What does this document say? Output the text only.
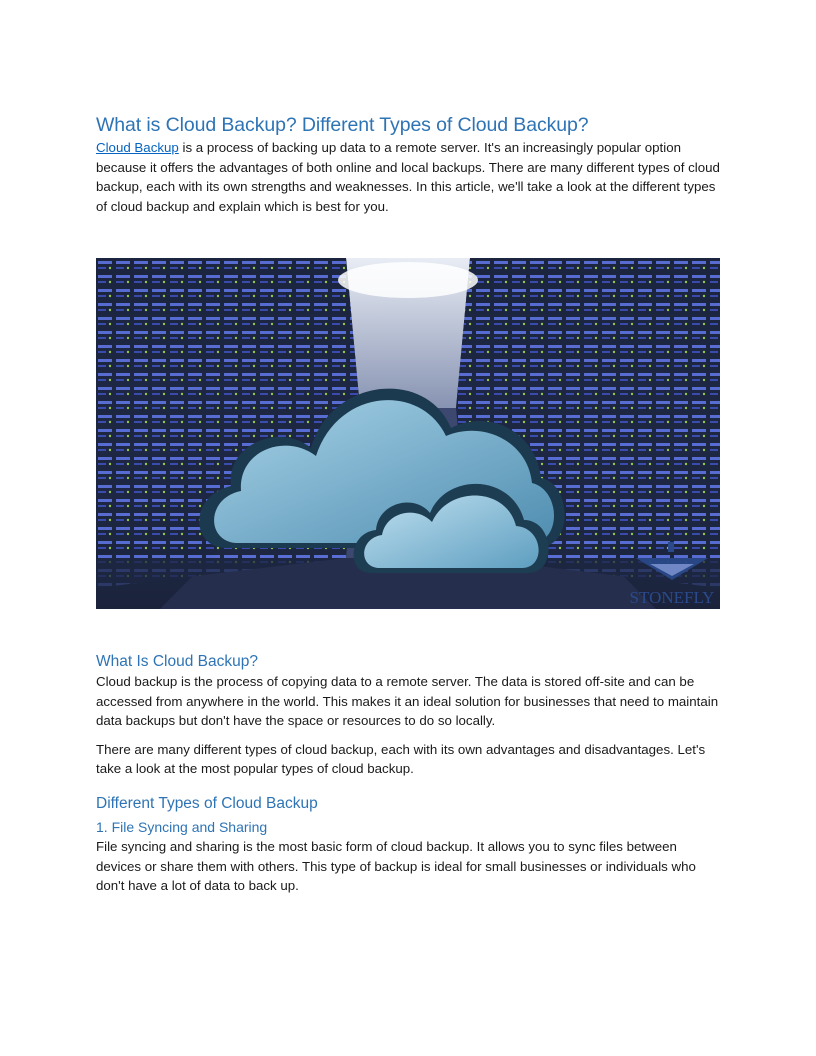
What is Cloud Backup? Different Types of Cloud Backup?

Cloud Backup is a process of backing up data to a remote server. It's an increasingly popular option because it offers the advantages of both online and local backups. There are many different types of cloud backup, each with its own strengths and weaknesses. In this article, we'll take a look at the different types of cloud backup and explain which is best for you.

STONEFLY
What Is Cloud Backup?

Cloud backup is the process of copying data to a remote server. The data is stored off-site and can be accessed from anywhere in the world. This makes it an ideal solution for businesses that need to maintain data backups but don't have the space or resources to do so locally.

There are many different types of cloud backup, each with its own advantages and disadvantages. Let's take a look at the most popular types of cloud backup.

Different Types of Cloud Backup
1. File Syncing and Sharing

File syncing and sharing is the most basic form of cloud backup. It allows you to sync files between devices or share them with others. This type of backup is ideal for small businesses or individuals who don't have a lot of data to back up.
